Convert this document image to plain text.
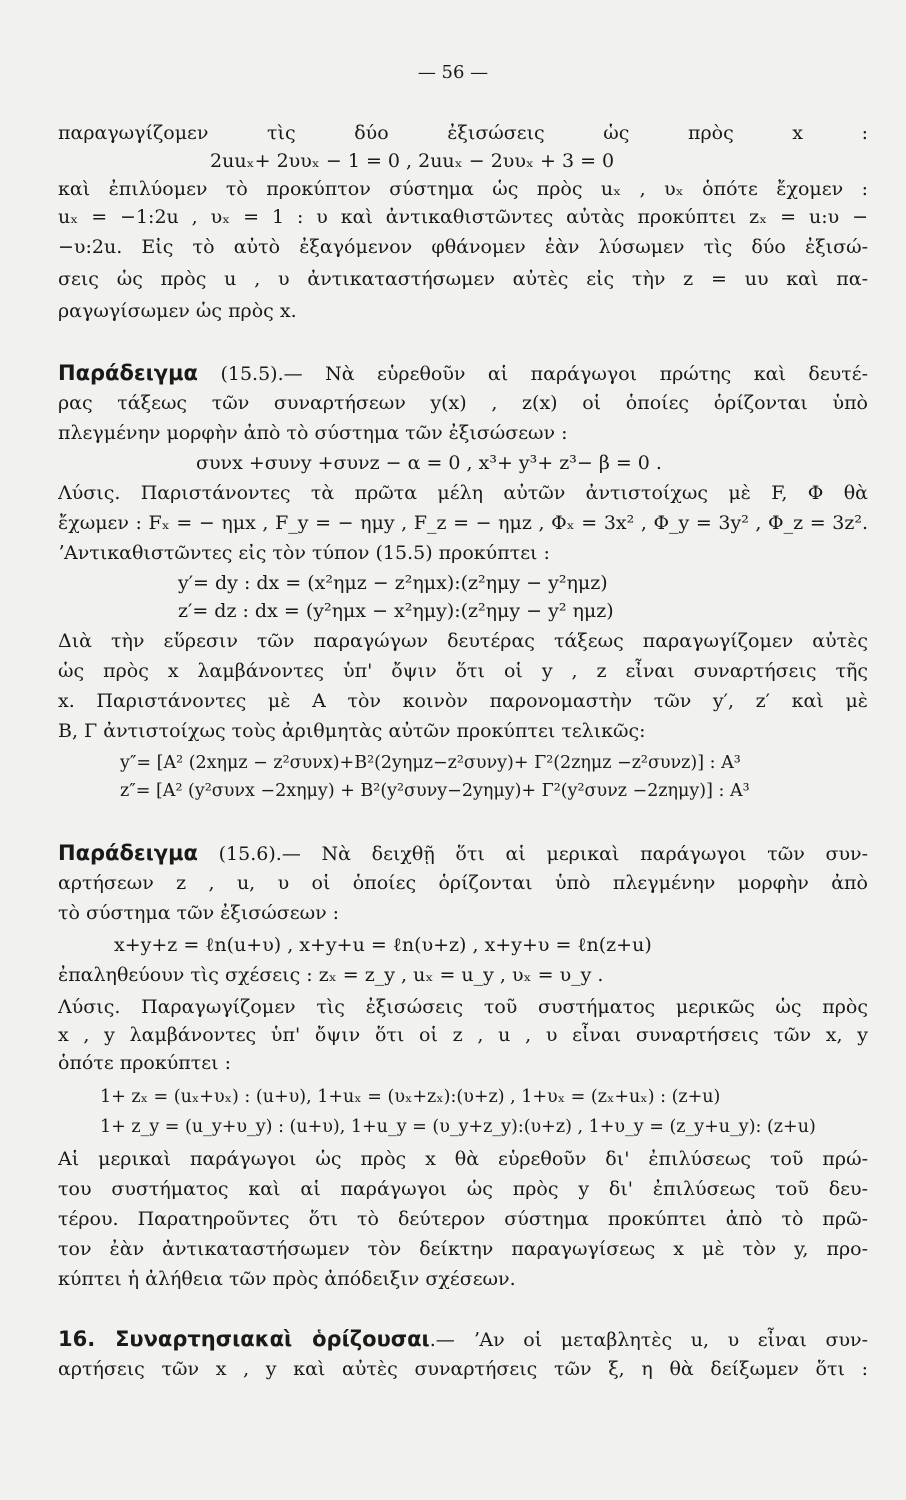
— 56 —
παραγωγίζομεν τὶς δύο ἐξισώσεις ὡς πρὸς x :
2uuₓ+ 2υυₓ − 1 = 0 , 2uuₓ − 2υυₓ + 3 = 0
καὶ ἐπιλύομεν τὸ προκύπτον σύστημα ὡς πρὸς uₓ , υₓ ὁπότε ἔχομεν :
uₓ = −1:2u , υₓ = 1 : υ καὶ ἀντικαθιστῶντες αὐτὰς προκύπτει zₓ = u:υ −
−υ:2u. Εἰς τὸ αὐτὸ ἐξαγόμενον φθάνομεν ἐὰν λύσωμεν τὶς δύο ἐξισώ-
σεις ὡς πρὸς u , υ ἀντικαταστήσωμεν αὐτὲς εἰς τὴν z = uυ καὶ πα-
ραγωγίσωμεν ὡς πρὸς x.
Παράδειγμα (15.5).— Νὰ εὑρεθοῦν αἱ παράγωγοι πρώτης καὶ δευτέ-
ρας τάξεως τῶν συναρτήσεων y(x) , z(x) οἱ ὁποίες ὁρίζονται ὑπὸ
πλεγμένην μορφὴν ἀπὸ τὸ σύστημα τῶν ἐξισώσεων :
συνx +συνy +συνz − α = 0 , x³+ y³+ z³− β = 0 .
Λύσις. Παριστάνοντες τὰ πρῶτα μέλη αὐτῶν ἀντιστοίχως μὲ F, Φ θὰ
ἔχωμεν : Fₓ = − ημx , F_y = − ημy , F_z = − ημz , Φₓ = 3x² , Φ_y = 3y² , Φ_z = 3z².
ʼΑντικαθιστῶντες εἰς τὸν τύπον (15.5) προκύπτει :
y′= dy : dx = (x²ημz − z²ημx):(z²ημy − y²ημz)
z′= dz : dx = (y²ημx − x²ημy):(z²ημy − y² ημz)
Διὰ τὴν εὕρεσιν τῶν παραγώγων δευτέρας τάξεως παραγωγίζομεν αὐτὲς
ὡς πρὸς x λαμβάνοντες ὑπ' ὄψιν ὅτι οἱ y , z εἶναι συναρτήσεις τῆς
x. Παριστάνοντες μὲ A τὸν κοινὸν παρονομαστὴν τῶν y′, z′ καὶ μὲ
B, Γ ἀντιστοίχως τοὺς ἀριθμητὰς αὐτῶν προκύπτει τελικῶς:
y″= [A² (2xημz − z²συνx)+B²(2yημz−z²συνy)+ Γ²(2zημz −z²συνz)] : A³
z″= [A² (y²συνx −2xημy) + B²(y²συνy−2yημy)+ Γ²(y²συνz −2zημy)] : A³
Παράδειγμα (15.6).— Νὰ δειχθῇ ὅτι αἱ μερικαὶ παράγωγοι τῶν συν-
αρτήσεων z , u, υ οἱ ὁποίες ὁρίζονται ὑπὸ πλεγμένην μορφὴν ἀπὸ
τὸ σύστημα τῶν ἐξισώσεων :
x+y+z = ℓn(u+υ) , x+y+u = ℓn(υ+z) , x+y+υ = ℓn(z+u)
ἐπαληθεύουν τὶς σχέσεις : zₓ = z_y , uₓ = u_y , υₓ = υ_y .
Λύσις. Παραγωγίζομεν τὶς ἐξισώσεις τοῦ συστήματος μερικῶς ὡς πρὸς
x , y λαμβάνοντες ὑπ' ὄψιν ὅτι οἱ z , u , υ εἶναι συναρτήσεις τῶν x, y
ὁπότε προκύπτει :
1+ zₓ = (uₓ+υₓ) : (u+υ), 1+uₓ = (υₓ+zₓ):(υ+z) , 1+υₓ = (zₓ+uₓ) : (z+u)
1+ z_y = (u_y+υ_y) : (u+υ), 1+u_y = (υ_y+z_y):(υ+z) , 1+υ_y = (z_y+u_y): (z+u)
Αἱ μερικαὶ παράγωγοι ὡς πρὸς x θὰ εὑρεθοῦν δι' ἐπιλύσεως τοῦ πρώ-
του συστήματος καὶ αἱ παράγωγοι ὡς πρὸς y δι' ἐπιλύσεως τοῦ δευ-
τέρου. Παρατηροῦντες ὅτι τὸ δεύτερον σύστημα προκύπτει ἀπὸ τὸ πρῶ-
τον ἐὰν ἀντικαταστήσωμεν τὸν δείκτην παραγωγίσεως x μὲ τὸν y, προ-
κύπτει ἡ ἀλήθεια τῶν πρὸς ἀπόδειξιν σχέσεων.
16. Συναρτησιακαὶ ὁρίζουσαι.— ʼΑν οἱ μεταβλητὲς u, υ εἶναι συν-
αρτήσεις τῶν x , y καὶ αὐτὲς συναρτήσεις τῶν ξ, η θὰ δείξωμεν ὅτι :
